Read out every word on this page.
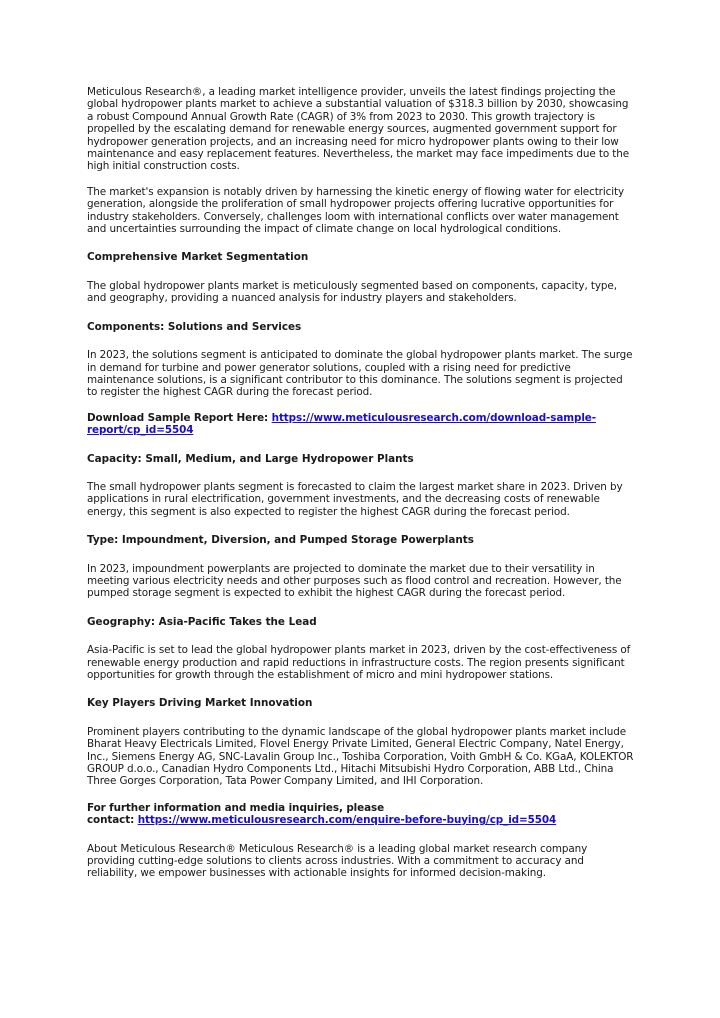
Meticulous Research®, a leading market intelligence provider, unveils the latest findings projecting the global hydropower plants market to achieve a substantial valuation of $318.3 billion by 2030, showcasing a robust Compound Annual Growth Rate (CAGR) of 3% from 2023 to 2030. This growth trajectory is propelled by the escalating demand for renewable energy sources, augmented government support for hydropower generation projects, and an increasing need for micro hydropower plants owing to their low maintenance and easy replacement features. Nevertheless, the market may face impediments due to the high initial construction costs.

The market's expansion is notably driven by harnessing the kinetic energy of flowing water for electricity generation, alongside the proliferation of small hydropower projects offering lucrative opportunities for industry stakeholders. Conversely, challenges loom with international conflicts over water management and uncertainties surrounding the impact of climate change on local hydrological conditions.

Comprehensive Market Segmentation

The global hydropower plants market is meticulously segmented based on components, capacity, type, and geography, providing a nuanced analysis for industry players and stakeholders.

Components: Solutions and Services

In 2023, the solutions segment is anticipated to dominate the global hydropower plants market. The surge in demand for turbine and power generator solutions, coupled with a rising need for predictive maintenance solutions, is a significant contributor to this dominance. The solutions segment is projected to register the highest CAGR during the forecast period.

Download Sample Report Here: https://www.meticulousresearch.com/download-sample-report/cp_id=5504

Capacity: Small, Medium, and Large Hydropower Plants

The small hydropower plants segment is forecasted to claim the largest market share in 2023. Driven by applications in rural electrification, government investments, and the decreasing costs of renewable energy, this segment is also expected to register the highest CAGR during the forecast period.

Type: Impoundment, Diversion, and Pumped Storage Powerplants

In 2023, impoundment powerplants are projected to dominate the market due to their versatility in meeting various electricity needs and other purposes such as flood control and recreation. However, the pumped storage segment is expected to exhibit the highest CAGR during the forecast period.

Geography: Asia-Pacific Takes the Lead

Asia-Pacific is set to lead the global hydropower plants market in 2023, driven by the cost-effectiveness of renewable energy production and rapid reductions in infrastructure costs. The region presents significant opportunities for growth through the establishment of micro and mini hydropower stations.

Key Players Driving Market Innovation

Prominent players contributing to the dynamic landscape of the global hydropower plants market include Bharat Heavy Electricals Limited, Flovel Energy Private Limited, General Electric Company, Natel Energy, Inc., Siemens Energy AG, SNC-Lavalin Group Inc., Toshiba Corporation, Voith GmbH & Co. KGaA, KOLEKTOR GROUP d.o.o., Canadian Hydro Components Ltd., Hitachi Mitsubishi Hydro Corporation, ABB Ltd., China Three Gorges Corporation, Tata Power Company Limited, and IHI Corporation.

For further information and media inquiries, please
contact: https://www.meticulousresearch.com/enquire-before-buying/cp_id=5504

About Meticulous Research® Meticulous Research® is a leading global market research company providing cutting-edge solutions to clients across industries. With a commitment to accuracy and reliability, we empower businesses with actionable insights for informed decision-making.
